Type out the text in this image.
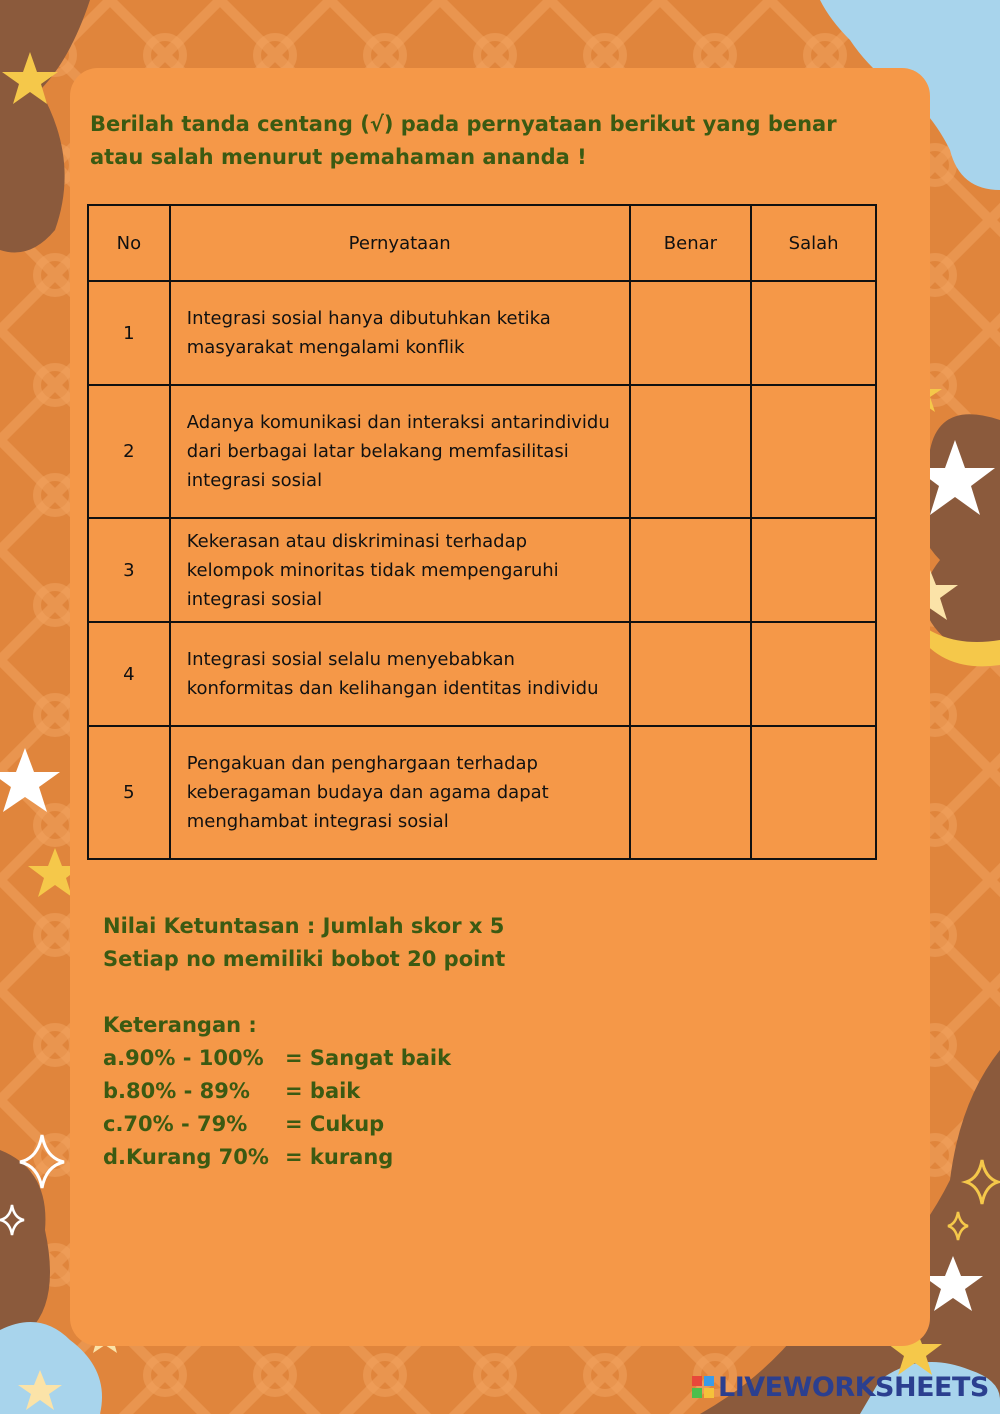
Berilah tanda centang (√) pada pernyataan berikut yang benar atau salah menurut pemahaman ananda !
No	Pernyataan	Benar	Salah
1	Integrasi sosial hanya dibutuhkan ketika masyarakat mengalami konflik		
2	Adanya komunikasi dan interaksi antarindividu dari berbagai latar belakang memfasilitasi integrasi sosial		
3	Kekerasan atau diskriminasi terhadap kelompok minoritas tidak mempengaruhi integrasi sosial		
4	Integrasi sosial selalu menyebabkan konformitas dan kelihangan identitas individu		
5	Pengakuan dan penghargaan terhadap keberagaman budaya dan agama dapat menghambat integrasi sosial		
Nilai Ketuntasan : Jumlah skor x 5
Setiap no memiliki bobot 20 point
Keterangan :
a.90% - 100% = Sangat baik
b.80% - 89% = baik
c.70% - 79% = Cukup
d.Kurang 70% = kurang
LIVEWORKSHEETS
